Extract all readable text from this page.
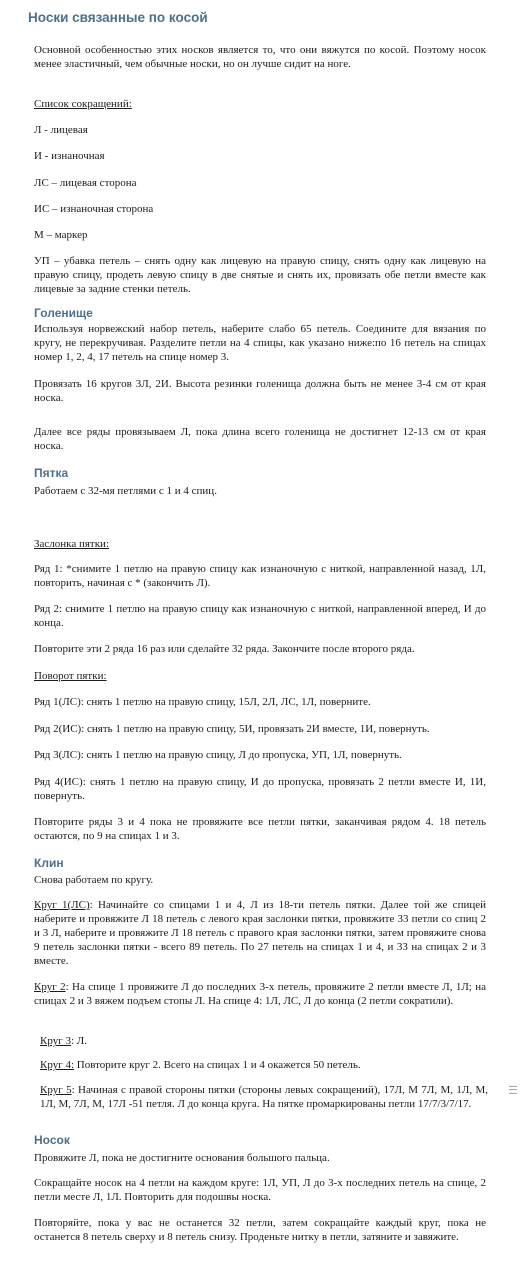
Носки связанные по косой

Основной особенностью этих носков является то, что они вяжутся по косой. Поэтому носок менее эластичный, чем обычные носки, но он лучше сидит на ноге.

Список сокращений:

Л - лицевая

И - изнаночная

ЛС – лицевая сторона

ИС – изнаночная сторона

М – маркер

УП – убавка петель – снять одну как лицевую на правую спицу, снять одну как лицевую на правую спицу, продеть левую спицу в две снятые и снять их, провязать обе петли вместе как лицевые за задние стенки петель.

Голенище

Используя норвежский набор петель, наберите слабо 65 петель. Соедините для вязания по кругу, не перекручивая. Разделите петли на 4 спицы, как указано ниже:по 16 петель на спицах номер 1, 2, 4, 17 петель на спице номер 3.

Провязать 16 кругов 3Л, 2И. Высота резинки голенища должна быть не менее 3-4 см от края носка.

Далее все ряды провязываем Л, пока длина всего голенища не достигнет 12-13 см от края носка.

Пятка

Работаем с 32-мя петлями с 1 и 4 спиц.

Заслонка пятки:

Ряд 1: *снимите 1 петлю на правую спицу как изнаночную с ниткой, направленной назад, 1Л, повторить, начиная с * (закончить Л).

Ряд 2: снимите 1 петлю на правую спицу как изнаночную с ниткой, направленной вперед, И до конца.

Повторите эти 2 ряда 16 раз или сделайте 32 ряда. Закончите после второго ряда.

Поворот пятки:

Ряд 1(ЛС): снять 1 петлю на правую спицу, 15Л, 2Л, ЛС, 1Л, поверните.

Ряд 2(ИС): снять 1 петлю на правую спицу, 5И, провязать 2И вместе, 1И, повернуть.

Ряд 3(ЛС): снять 1 петлю на правую спицу, Л до пропуска, УП, 1Л, повернуть.

Ряд 4(ИС): снять 1 петлю на правую спицу, И до пропуска, провязать 2 петли вместе И, 1И, повернуть.

Повторите ряды 3 и 4 пока не провяжите все петли пятки, заканчивая рядом 4. 18 петель остаются, по 9 на спицах 1 и 3.

Клин

Снова работаем по кругу.

Круг 1(ЛС): Начинайте со спицами 1 и 4, Л из 18-ти петель пятки. Далее той же спицей наберите и провяжите Л 18 петель с левого края заслонки пятки, провяжите 33 петли со спиц 2 и 3 Л, наберите и провяжите Л 18 петель с правого края заслонки пятки, затем провяжите снова 9 петель заслонки пятки - всего 89 петель. По 27 петель на спицах 1 и 4, и 33 на спицах 2 и 3 вместе.

Круг 2: На спице 1 провяжите Л до последних 3-х петель, провяжите 2 петли вместе Л, 1Л; на спицах 2 и 3 вяжем подъем стопы Л. На спице 4: 1Л, ЛС, Л до конца (2 петли сократили).

Круг 3: Л.

Круг 4: Повторите круг 2. Всего на спицах 1 и 4 окажется 50 петель.

Круг 5: Начиная с правой стороны пятки (стороны левых сокращений), 17Л, М 7Л, М, 1Л, М, 1Л, М, 7Л, М, 17Л -51 петля. Л до конца круга. На пятке промаркированы петли 17/7/3/7/17.

Носок

Провяжите Л, пока не достигните основания большого пальца.

Сокращайте носок на 4 петли на каждом круге: 1Л, УП, Л до 3-х последних петель на спице, 2 петли месте Л, 1Л. Повторить для подошвы носка.

Повторяйте, пока у вас не останется 32 петли, затем сокращайте каждый круг, пока не останется 8 петель сверху и 8 петель снизу. Проденьте нитку в петли, затяните и завяжите.
